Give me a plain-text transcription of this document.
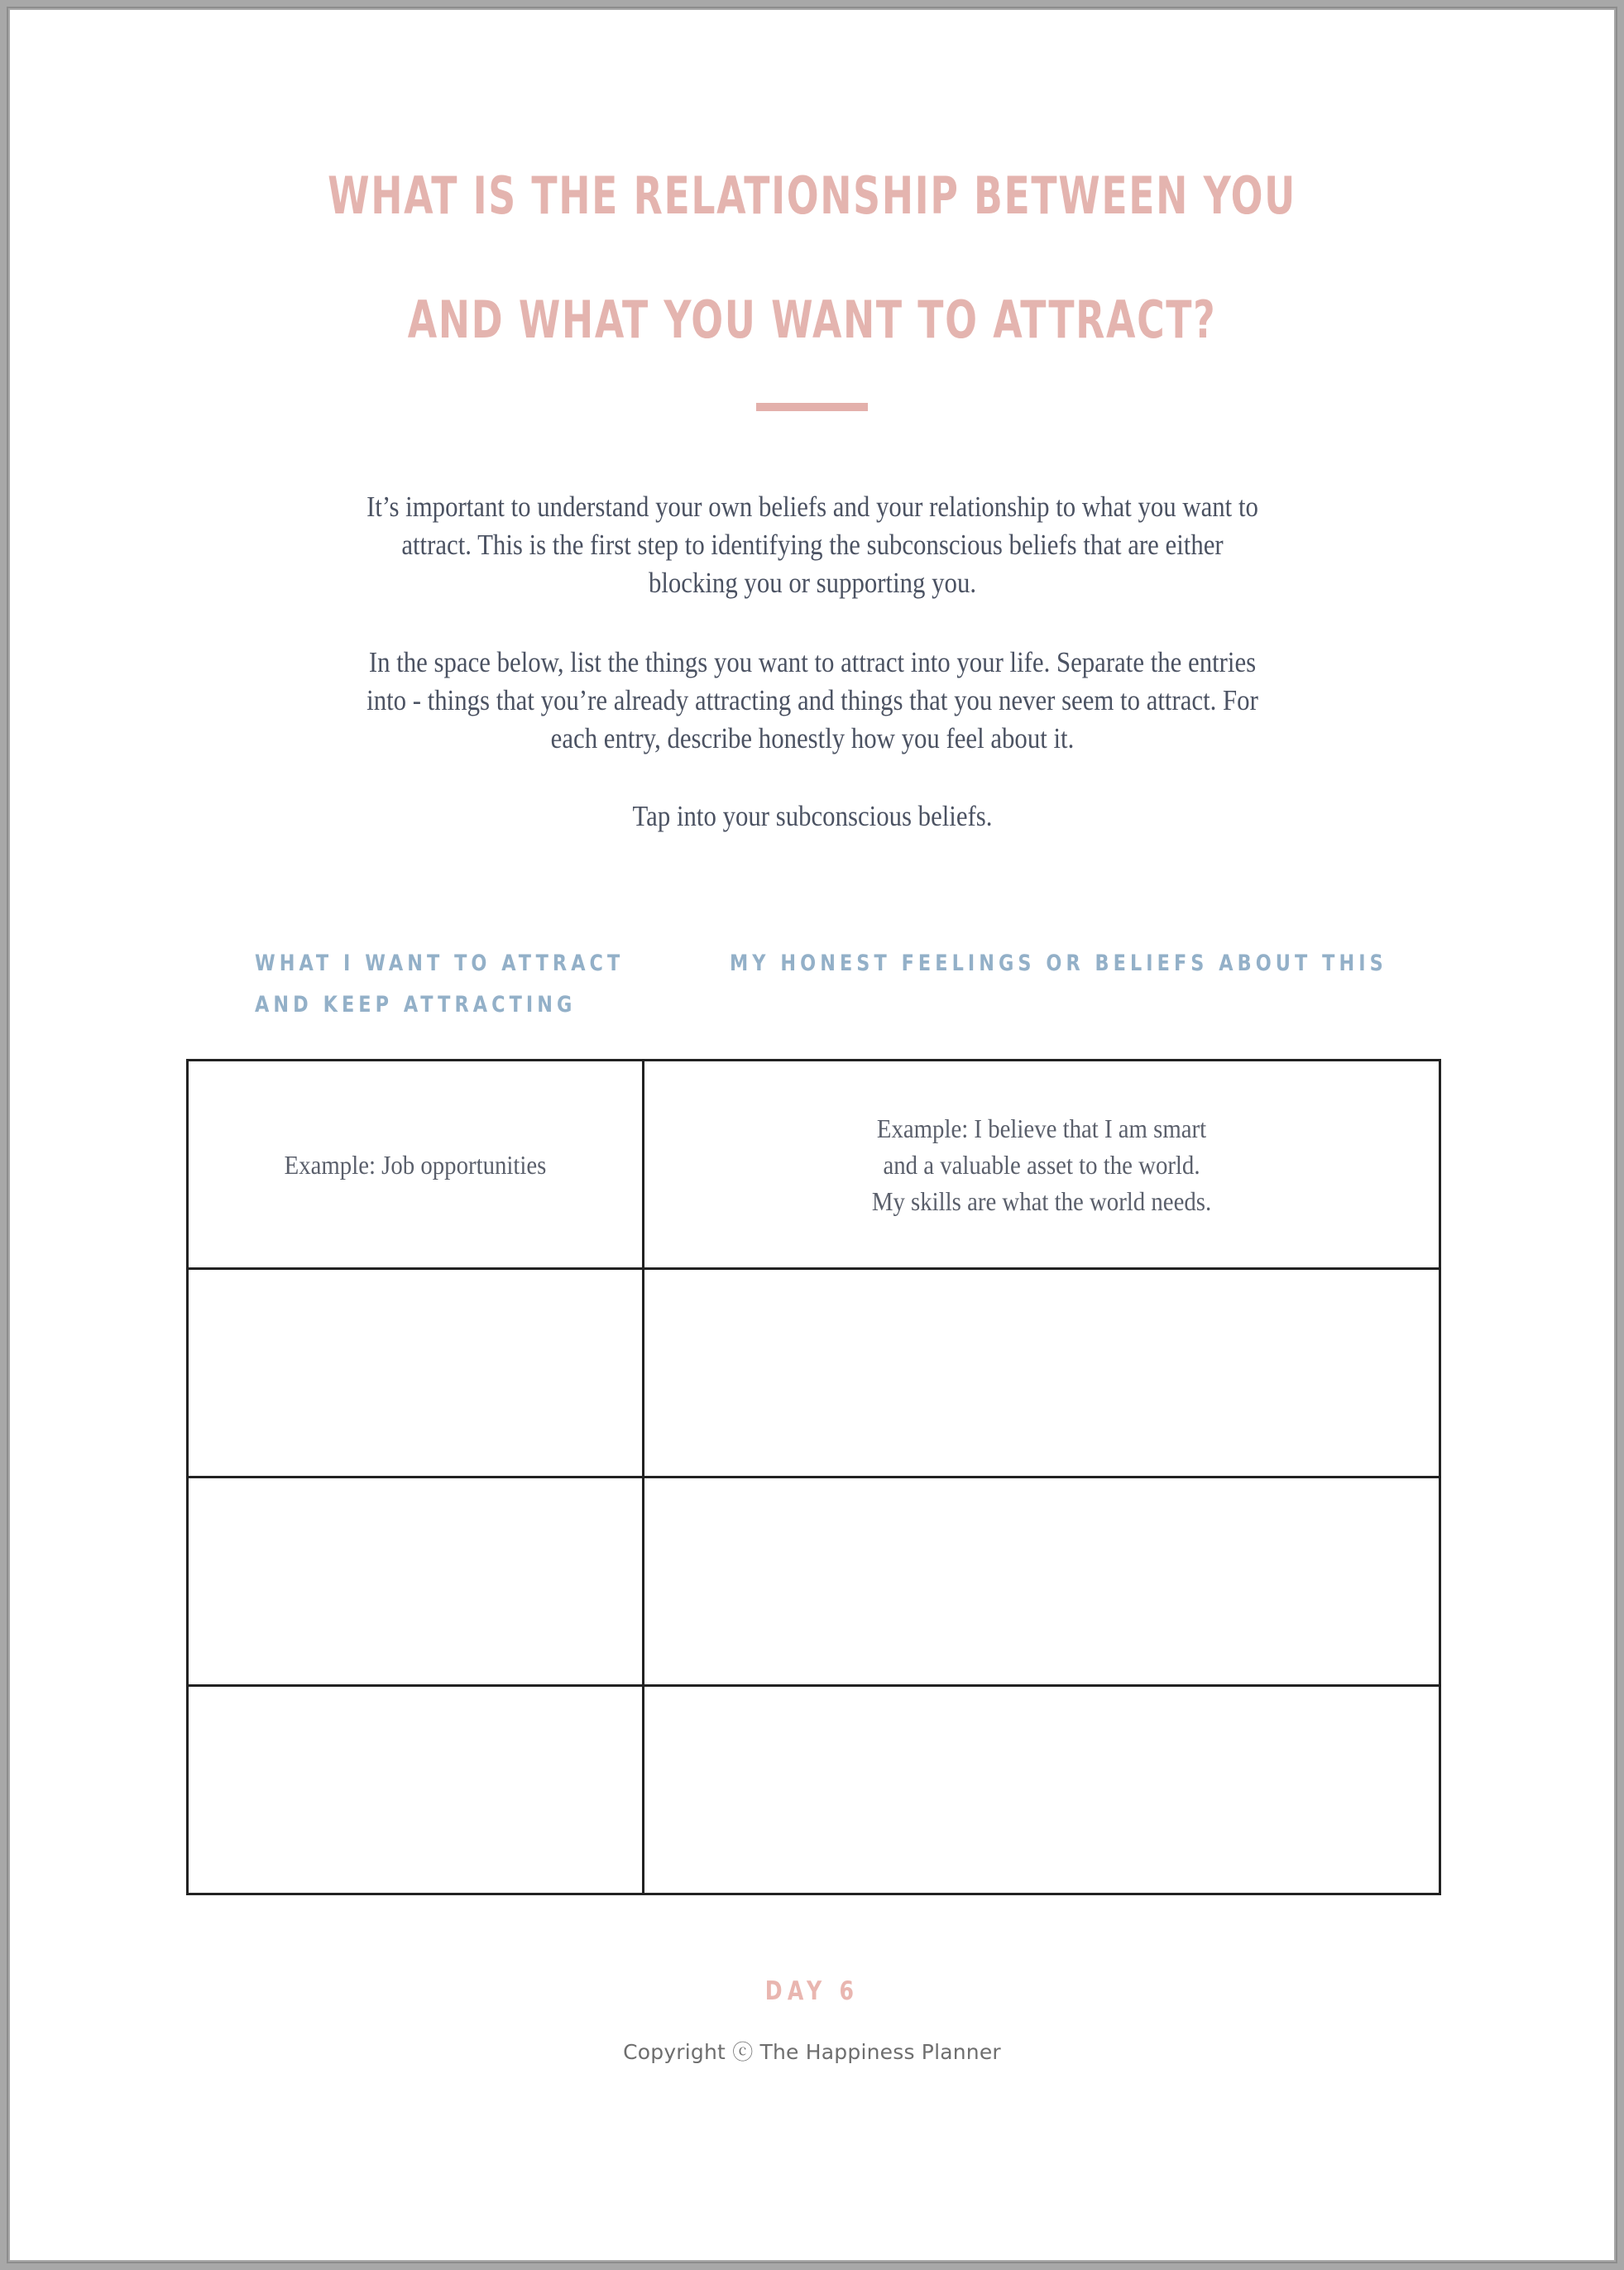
WHAT IS THE RELATIONSHIP BETWEEN YOU
AND WHAT YOU WANT TO ATTRACT?

It’s important to understand your own beliefs and your relationship to what you want to attract. This is the first step to identifying the subconscious beliefs that are either blocking you or supporting you.

In the space below, list the things you want to attract into your life. Separate the entries into - things that you’re already attracting and things that you never seem to attract. For each entry, describe honestly how you feel about it.

Tap into your subconscious beliefs.

WHAT I WANT TO ATTRACT
AND KEEP ATTRACTING
MY HONEST FEELINGS OR BELIEFS ABOUT THIS
Example: Job opportunities	Example: I believe that I am smart
and a valuable asset to the world.
My skills are what the world needs.

DAY 6
Copyright ⓒ The Happiness Planner
